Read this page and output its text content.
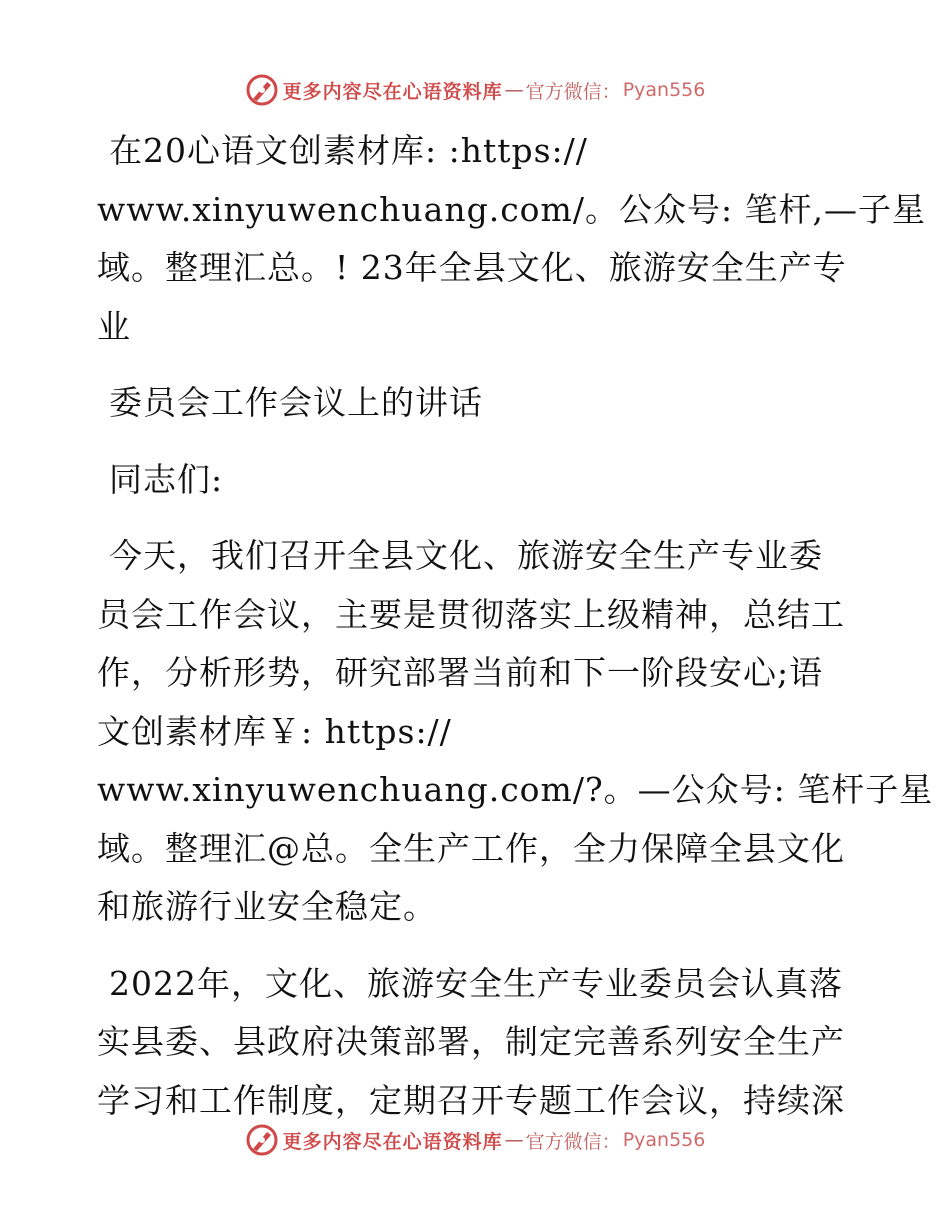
更多内容尽在心语资料库 — 官方微信： Pyan556
在20心语文创素材库: :https://
www.xinyuwenchuang.com/。公众号: 笔杆,—子星
域。整理汇总。! 23年全县文化、旅游安全生产专
业
委员会工作会议上的讲话
同志们:
今天，我们召开全县文化、旅游安全生产专业委
员会工作会议，主要是贯彻落实上级精神，总结工
作，分析形势，研究部署当前和下一阶段安心;语
文创素材库￥: https://
www.xinyuwenchuang.com/?。—公众号: 笔杆子星
域。整理汇@总。全生产工作，全力保障全县文化
和旅游行业安全稳定。
2022年，文化、旅游安全生产专业委员会认真落
实县委、县政府决策部署，制定完善系列安全生产
学习和工作制度，定期召开专题工作会议，持续深
更多内容尽在心语资料库 — 官方微信： Pyan556
